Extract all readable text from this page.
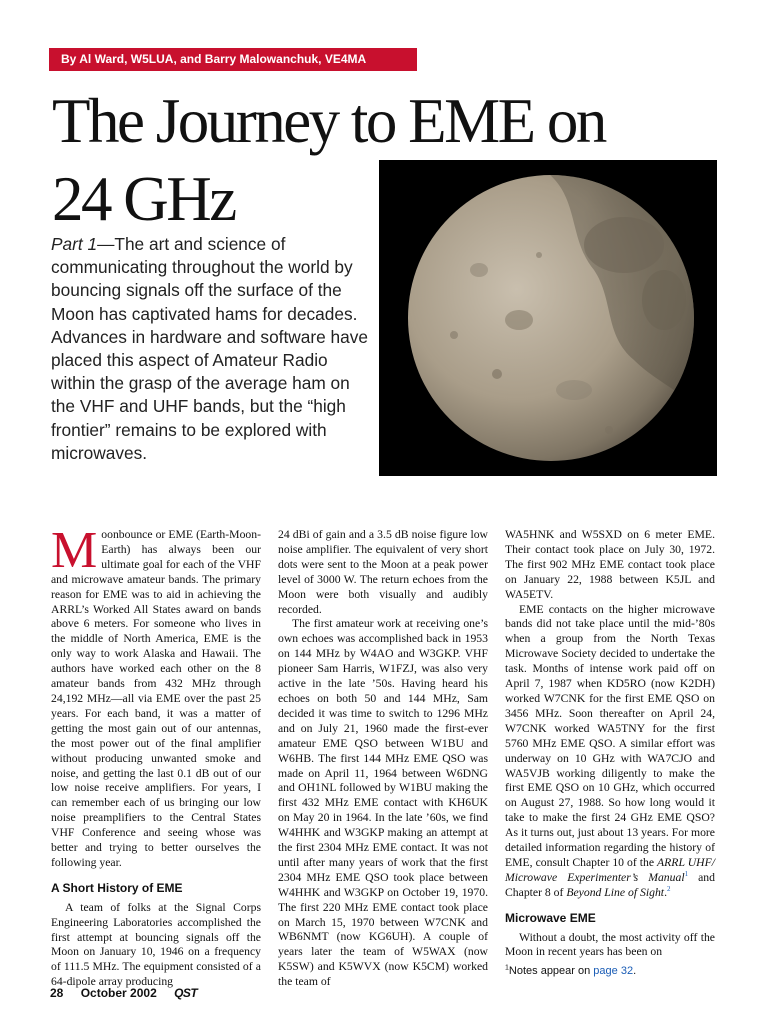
By Al Ward, W5LUA, and Barry Malowanchuk, VE4MA
The Journey to EME on
24 GHz
Part 1—The art and science of communicating throughout the world by bouncing signals off the surface of the Moon has captivated hams for decades. Advances in hardware and software have placed this aspect of Amateur Radio within the grasp of the average ham on the VHF and UHF bands, but the “high frontier” remains to be explored with microwaves.

Moonbounce or EME (Earth-Moon-Earth) has always been our ultimate goal for each of the VHF and microwave amateur bands. The primary reason for EME was to aid in achieving the ARRL’s Worked All States award on bands above 6 meters. For someone who lives in the middle of North America, EME is the only way to work Alaska and Hawaii. The authors have worked each other on the 8 amateur bands from 432 MHz through 24,192 MHz—all via EME over the past 25 years. For each band, it was a matter of getting the most gain out of our antennas, the most power out of the final amplifier without producing unwanted smoke and noise, and getting the last 0.1 dB out of our low noise receive amplifiers. For years, I can remember each of us bringing our low noise preamplifiers to the Central States VHF Conference and seeing whose was better and trying to better ourselves the following year.

A Short History of EME

A team of folks at the Signal Corps Engineering Laboratories accomplished the first attempt at bouncing signals off the Moon on January 10, 1946 on a frequency of 111.5 MHz. The equipment consisted of a 64-dipole array producing

24 dBi of gain and a 3.5 dB noise figure low noise amplifier. The equivalent of very short dots were sent to the Moon at a peak power level of 3000 W. The return echoes from the Moon were both visually and audibly recorded.

The first amateur work at receiving one’s own echoes was accomplished back in 1953 on 144 MHz by W4AO and W3GKP. VHF pioneer Sam Harris, W1FZJ, was also very active in the late ’50s. Having heard his echoes on both 50 and 144 MHz, Sam decided it was time to switch to 1296 MHz and on July 21, 1960 made the first-ever amateur EME QSO between W1BU and W6HB. The first 144 MHz EME QSO was made on April 11, 1964 between W6DNG and OH1NL followed by W1BU making the first 432 MHz EME contact with KH6UK on May 20 in 1964. In the late ’60s, we find W4HHK and W3GKP making an attempt at the first 2304 MHz EME contact. It was not until after many years of work that the first 2304 MHz EME QSO took place between W4HHK and W3GKP on October 19, 1970. The first 220 MHz EME contact took place on March 15, 1970 between W7CNK and WB6NMT (now KG6UH). A couple of years later the team of W5WAX (now K5SW) and K5WVX (now K5CM) worked the team of

WA5HNK and W5SXD on 6 meter EME. Their contact took place on July 30, 1972. The first 902 MHz EME contact took place on January 22, 1988 between K5JL and WA5ETV.

EME contacts on the higher microwave bands did not take place until the mid-’80s when a group from the North Texas Microwave Society decided to undertake the task. Months of intense work paid off on April 7, 1987 when KD5RO (now K2DH) worked W7CNK for the first EME QSO on 3456 MHz. Soon thereafter on April 24, W7CNK worked WA5TNY for the first 5760 MHz EME QSO. A similar effort was underway on 10 GHz with WA7CJO and WA5VJB working diligently to make the first EME QSO on 10 GHz, which occurred on August 27, 1988. So how long would it take to make the first 24 GHz EME QSO? As it turns out, just about 13 years. For more detailed information regarding the history of EME, consult Chapter 10 of the ARRL UHF/ Microwave Experimenter’s Manual$^1$ and Chapter 8 of Beyond Line of Sight.$^2$

Microwave EME

Without a doubt, the most activity off the Moon in recent years has been on

$^1$Notes appear on page 32.
28 October 2002 QST
